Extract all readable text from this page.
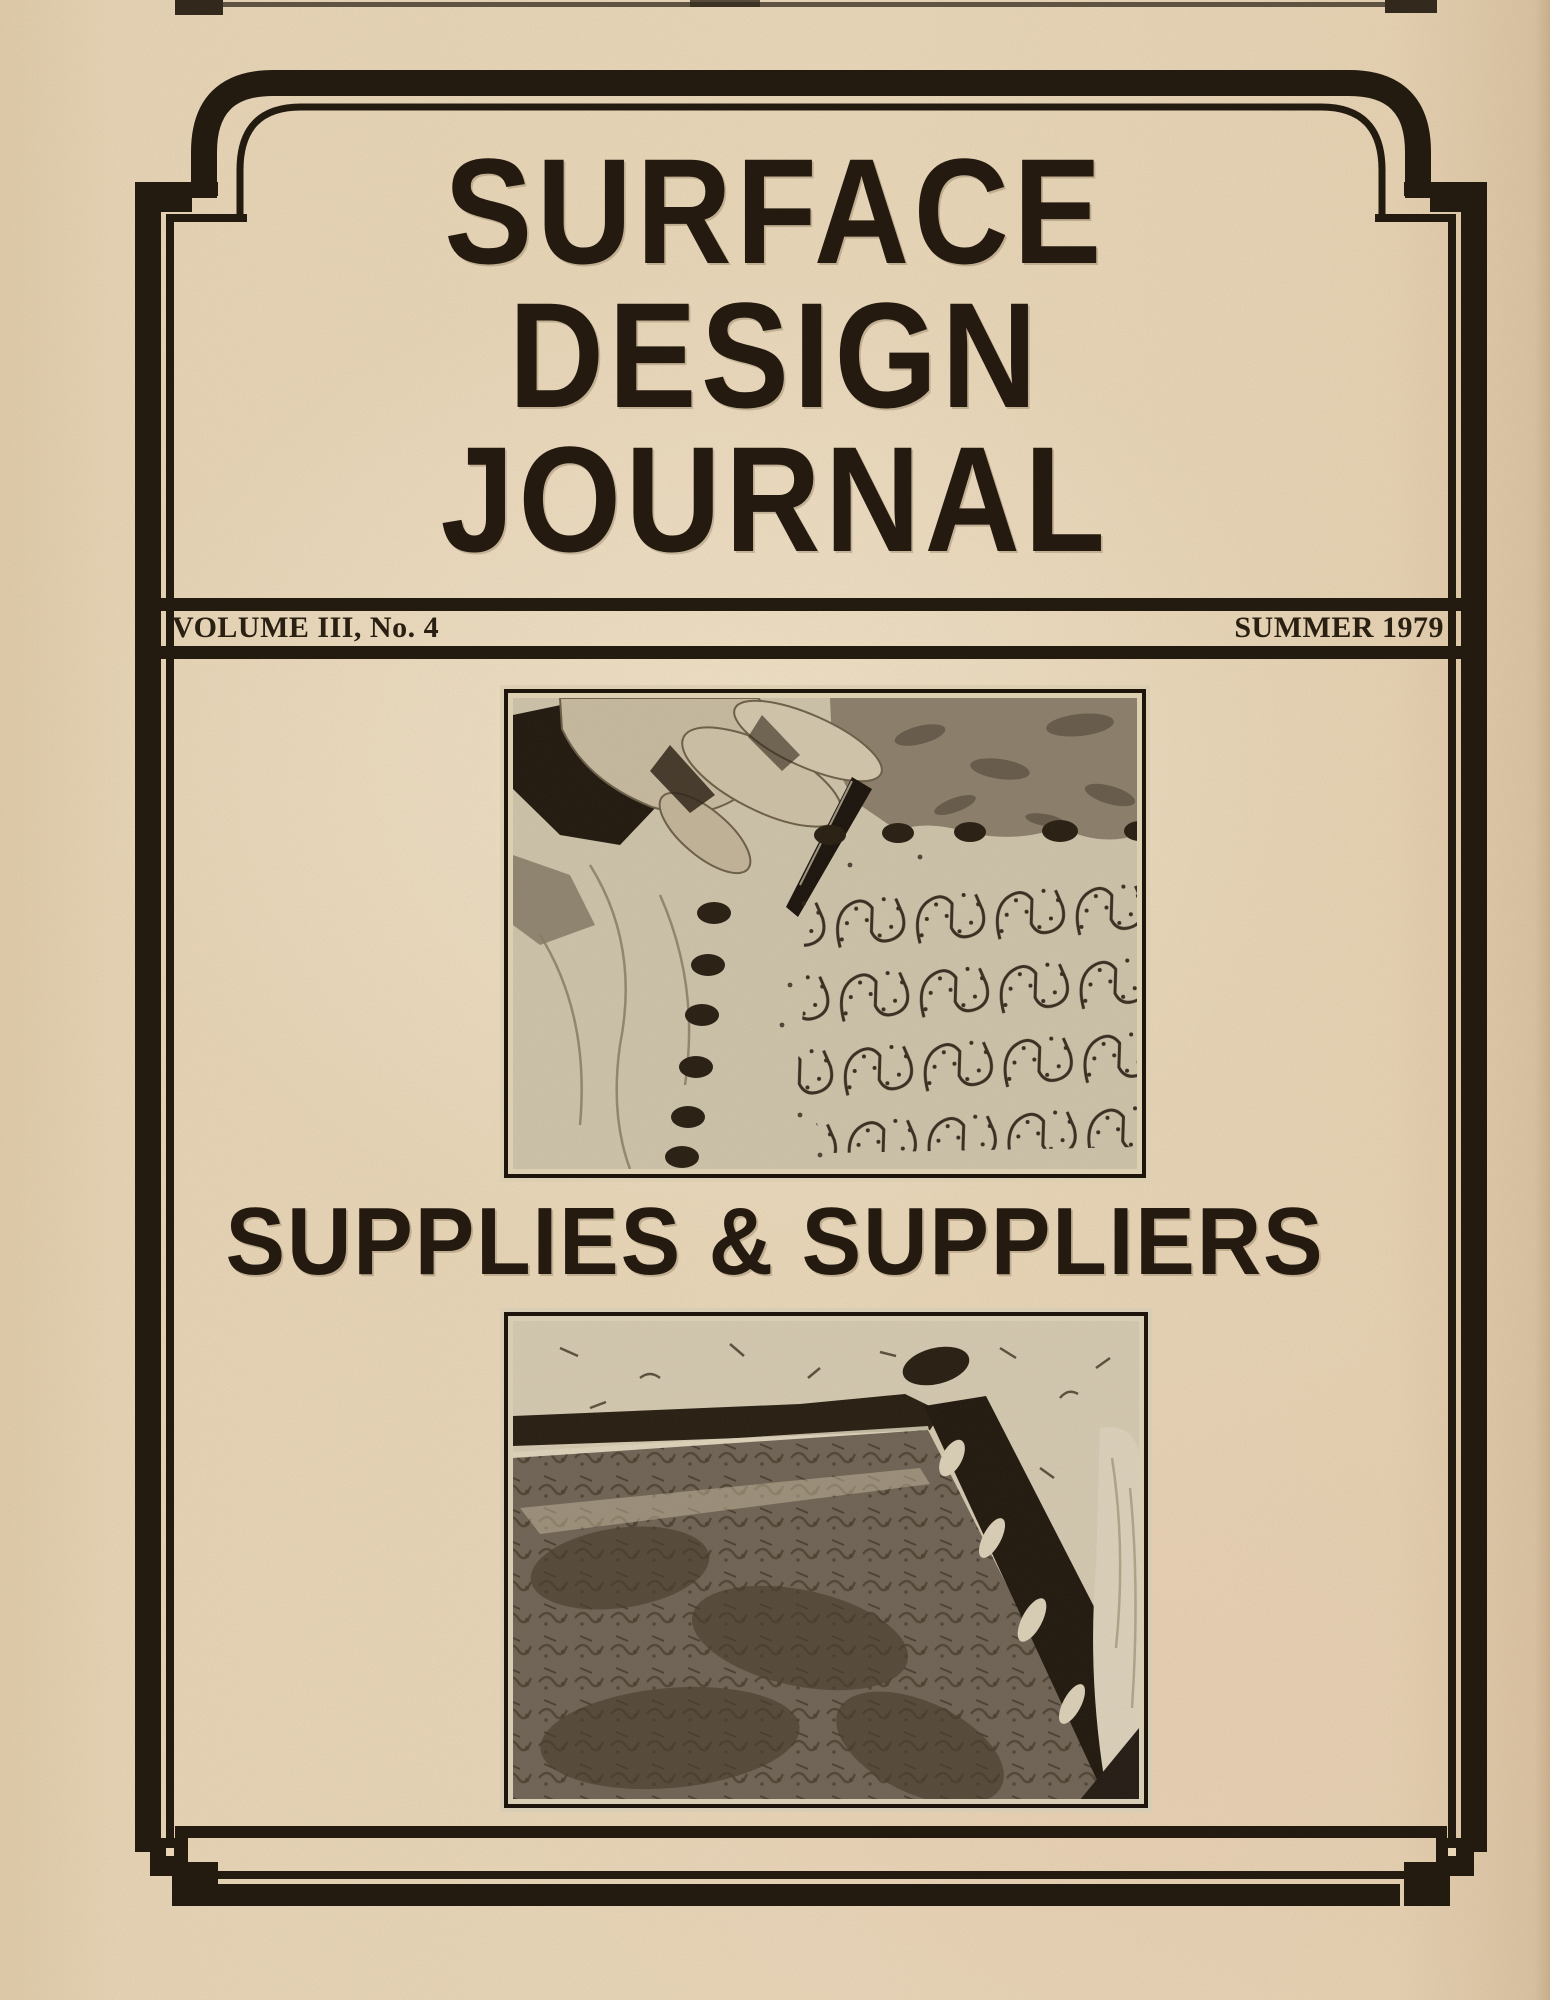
SURFACE
DESIGN
JOURNAL
VOLUME III, No. 4	SUMMER 1979
SUPPLIES & SUPPLIERS
